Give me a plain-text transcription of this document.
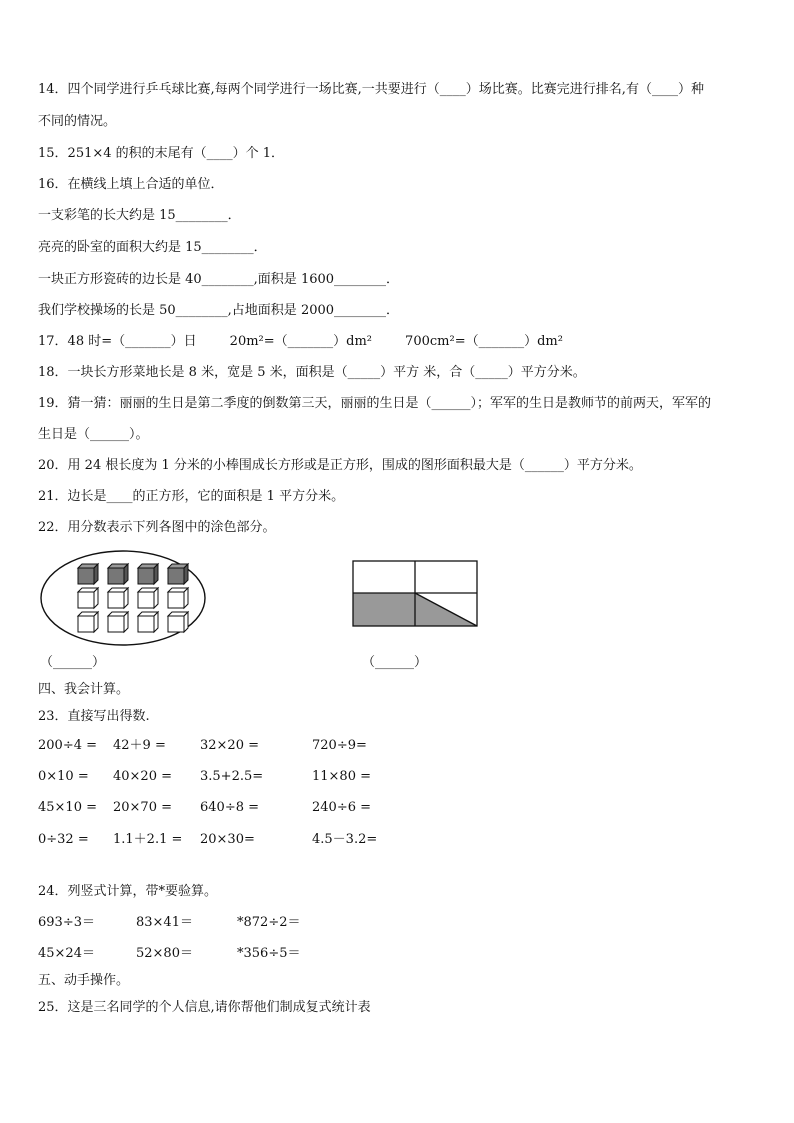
14．四个同学进行乒乓球比赛,每两个同学进行一场比赛,一共要进行（____）场比赛。比赛完进行排名,有（____）种
不同的情况。
15．251×4 的积的末尾有（____）个 1．
16．在横线上填上合适的单位．
一支彩笔的长大约是 15________．
亮亮的卧室的面积大约是 15________．
一块正方形瓷砖的边长是 40________,面积是 1600________．
我们学校操场的长是 50________,占地面积是 2000________．
17．48 时=（_______）日        20m²=（_______）dm²        700cm²=（_______）dm²
18．一块长方形菜地长是 8 米，宽是 5 米，面积是（_____）平方 米，合（_____）平方分米。
19．猜一猜：丽丽的生日是第二季度的倒数第三天，丽丽的生日是（______）；军军的生日是教师节的前两天，军军的
生日是（______）。
20．用 24 根长度为 1 分米的小棒围成长方形或是正方形，围成的图形面积最大是（______）平方分米。
21．边长是____的正方形，它的面积是 1 平方分米。
22．用分数表示下列各图中的涂色部分。
（______）	（______）
四、我会计算。
23．直接写出得数.
200÷4 = 42＋9 =	32×20 =	720÷9=
0×10 = 40×20 = 3.5+2.5=	11×80 =
45×10 = 20×70 = 640÷8 =	240÷6 =
0÷32 = 1.1＋2.1 = 20×30=	4.5－3.2=
24．列竖式计算，带*要验算。
693÷3＝	83×41＝	*872÷2＝
45×24＝	52×80＝	*356÷5＝
五、动手操作。
25．这是三名同学的个人信息,请你帮他们制成复式统计表
